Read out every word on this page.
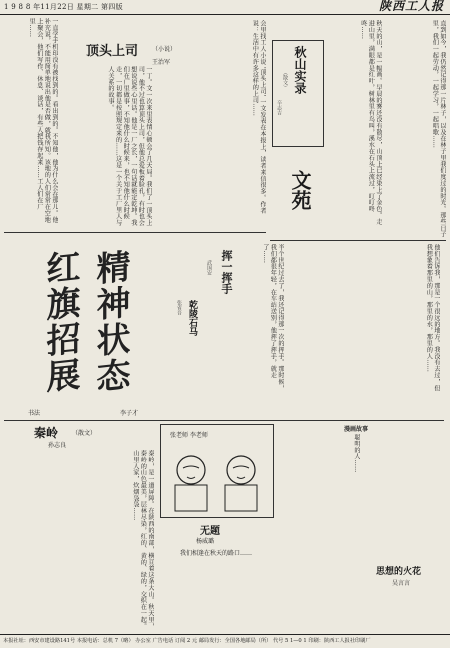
1 9 8 8 年11月22日 星期二 第四版	陕西工人报
一直学手机印没有被找到的。看出到的。不知他，他为什么会在那儿。他补充说，不能用简单地说出他是否做，就我所知。该地的人们常常在空地上聚会，他们写作、休息、谈话，有些人把钱存起来……工人们在厂里……
顶头上司 （小说）
王治军
一丁。文一次来里表情心顿会了几天局。我们了一顶头上司，他不过也算顶头上司，但他总爱板着脸孔，有时也会想说说些心里话。他是一厂之长，一句话就能定乾坤。我们在厂里做事，不知他什么时候来，也不知他什么时候走，一切都是按照规定来的……这是一个关于工厂里人与人关系的故事。	会里找工人小说 '顶头上司' 一文发表在本报上，读者来信很多。作者说：生活中有许多这样的上司……	秋山实录
（散文）
辛志吉	秋天的山，是一幅画。早晨的雾还没有散尽，山顶上已经染上了金色。走进山里，满眼都是红叶，树林里有鸟叫，溪水在石头上流过，叮叮咚咚……
文苑	直到如今，我仍然记得那一片林子，以及在林子里我们度过的时光。那些日子里，我们一起劳动，一起学习，一起唱歌……
精神状态
红旗招展
书法	李子才
乾陵石马
张省吾
挥一挥手
武国安	半个世纪过去了，我还记得那一次的挥手。那时候，我们都很年轻，在车站送别，他挥了挥手，就走了……	他们告诉我，那是一个很远的地方。我没有去过，但我想象着那里的山，那里的水，那里的人……
秦岭 （散文）
孙志良
秦岭，是一道屏障。在陕西的南部，横亘着这条大山。秋天里，秦岭的山色最美，层林尽染，红的、黄的、绿的，交织在一起。山里人家，炊烟袅袅……
张老师 李老师
无题
杨威璐
我们相逢在秋天的路口……
漫画故事
聪明的人……
思想的火花
吴言言
本报社址：西安市建设路141号 本报电话：总机 7（略） 办公室 广告电话 订阅 2 元 邮局发行：全国各地邮局（所） 代号 5 1—0 1 印刷：陕西工人报社印刷厂
